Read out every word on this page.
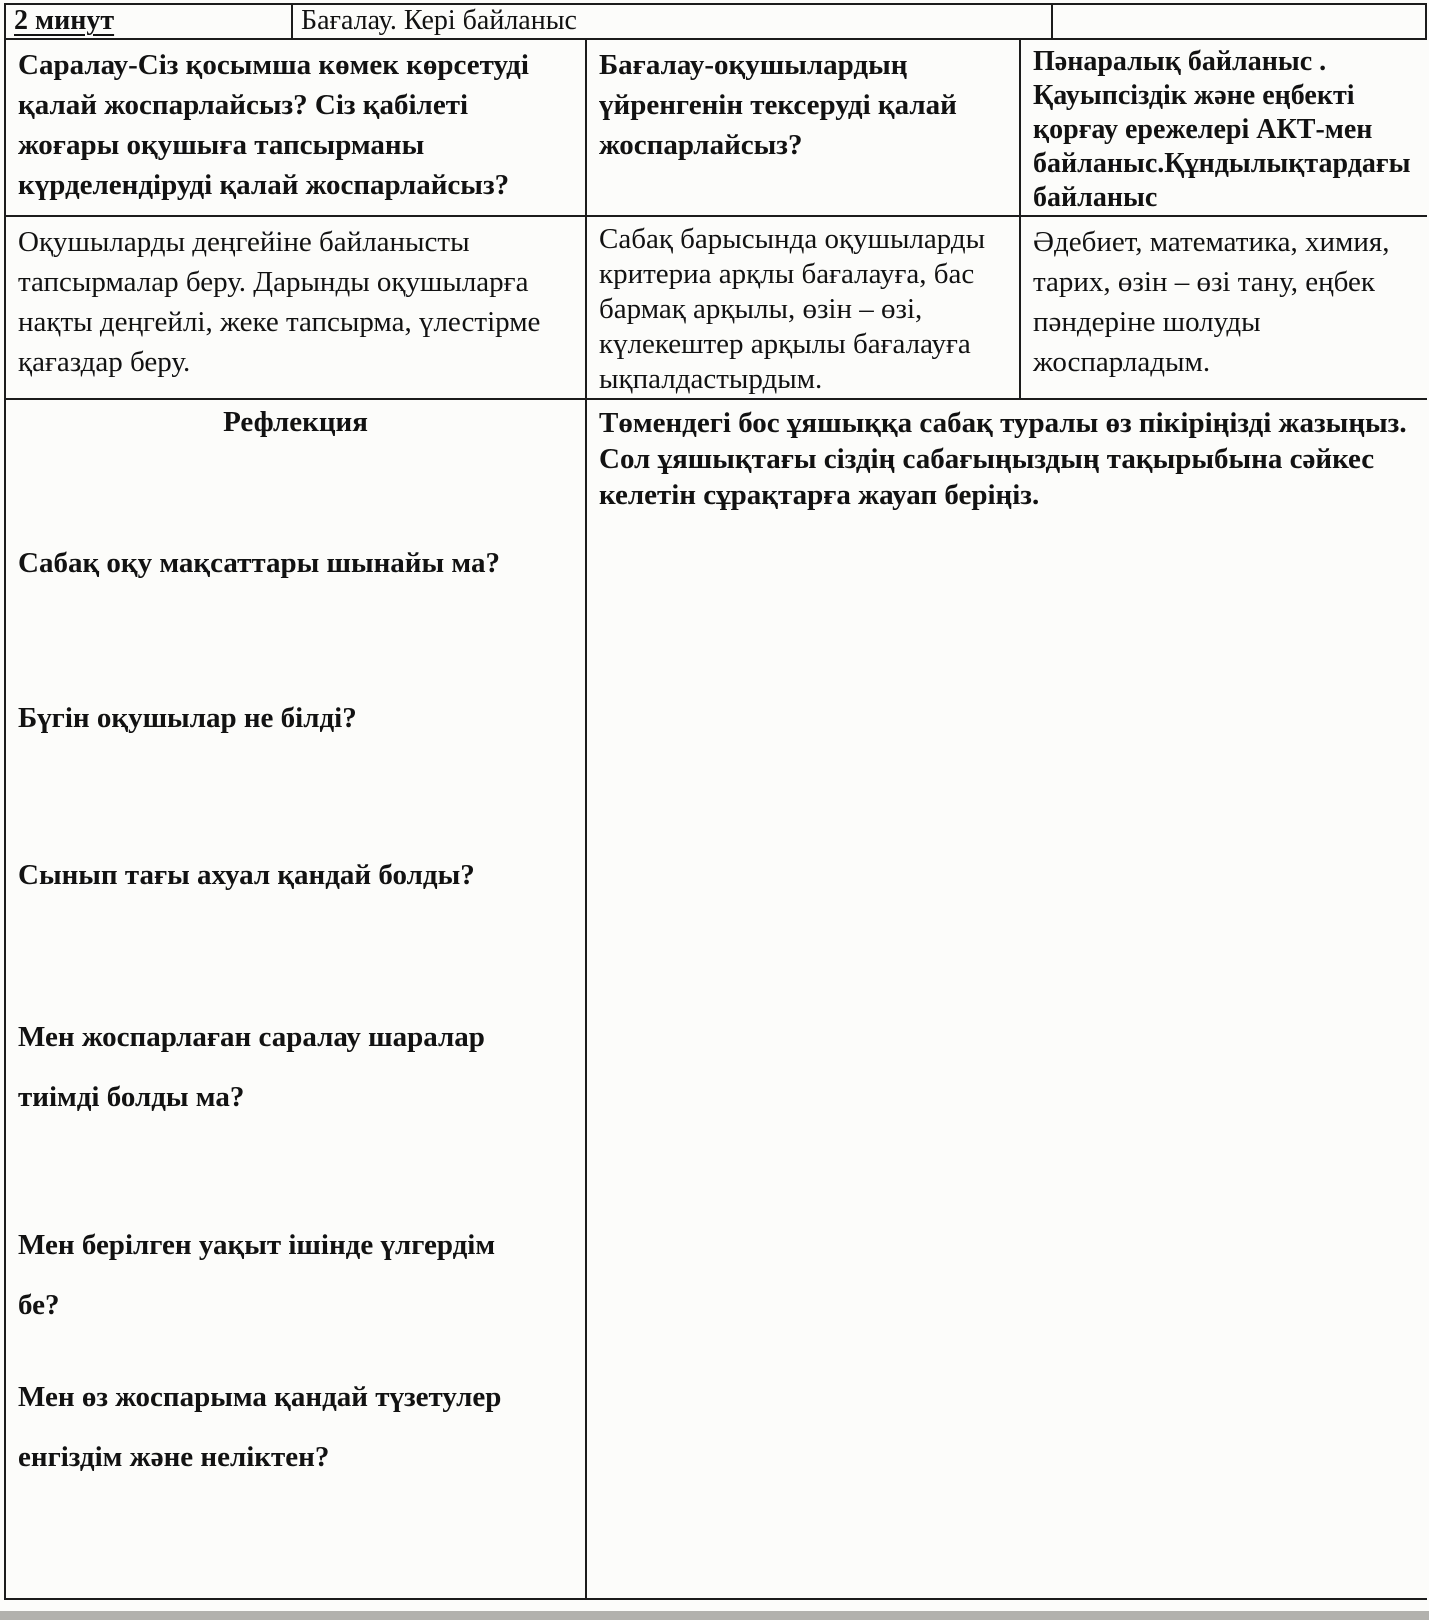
2 минут	Бағалау. Кері байланыс
Саралау-Сіз қосымша көмек көрсетуді қалай жоспарлайсыз? Сіз қабілеті жоғары оқушыға тапсырманы күрделендіруді қалай жоспарлайсыз?
Бағалау-оқушылардың үйренгенін тексеруді қалай жоспарлайсыз?
Пәнаралық байланыс . Қауыпсіздік және еңбекті қорғау ережелері АКТ-мен байланыс.Құндылықтардағы байланыс
Оқушыларды деңгейіне байланысты тапсырмалар беру. Дарынды оқушыларға нақты деңгейлі, жеке тапсырма, үлестірме қағаздар беру.
Сабақ барысында оқушыларды критериа арқлы бағалауға, бас бармақ арқылы, өзін – өзі, күлекештер арқылы бағалауға ықпалдастырдым.
Әдебиет, математика, химия, тарих, өзін – өзі тану, еңбек пәндеріне шолуды жоспарладым.
Рефлекция
Сабақ оқу мақсаттары шынайы ма?
Бүгін оқушылар не білді?
Сынып тағы ахуал қандай болды?
Мен жоспарлаған саралау шаралар тиімді болды ма?
Мен берілген уақыт ішінде үлгердім бе?
Мен өз жоспарыма қандай түзетулер енгіздім және неліктен?

Төмендегі бос ұяшыққа сабақ туралы өз пікіріңізді жазыңыз. Сол ұяшықтағы сіздің сабағыңыздың тақырыбына сәйкес келетін сұрақтарға жауап беріңіз.
